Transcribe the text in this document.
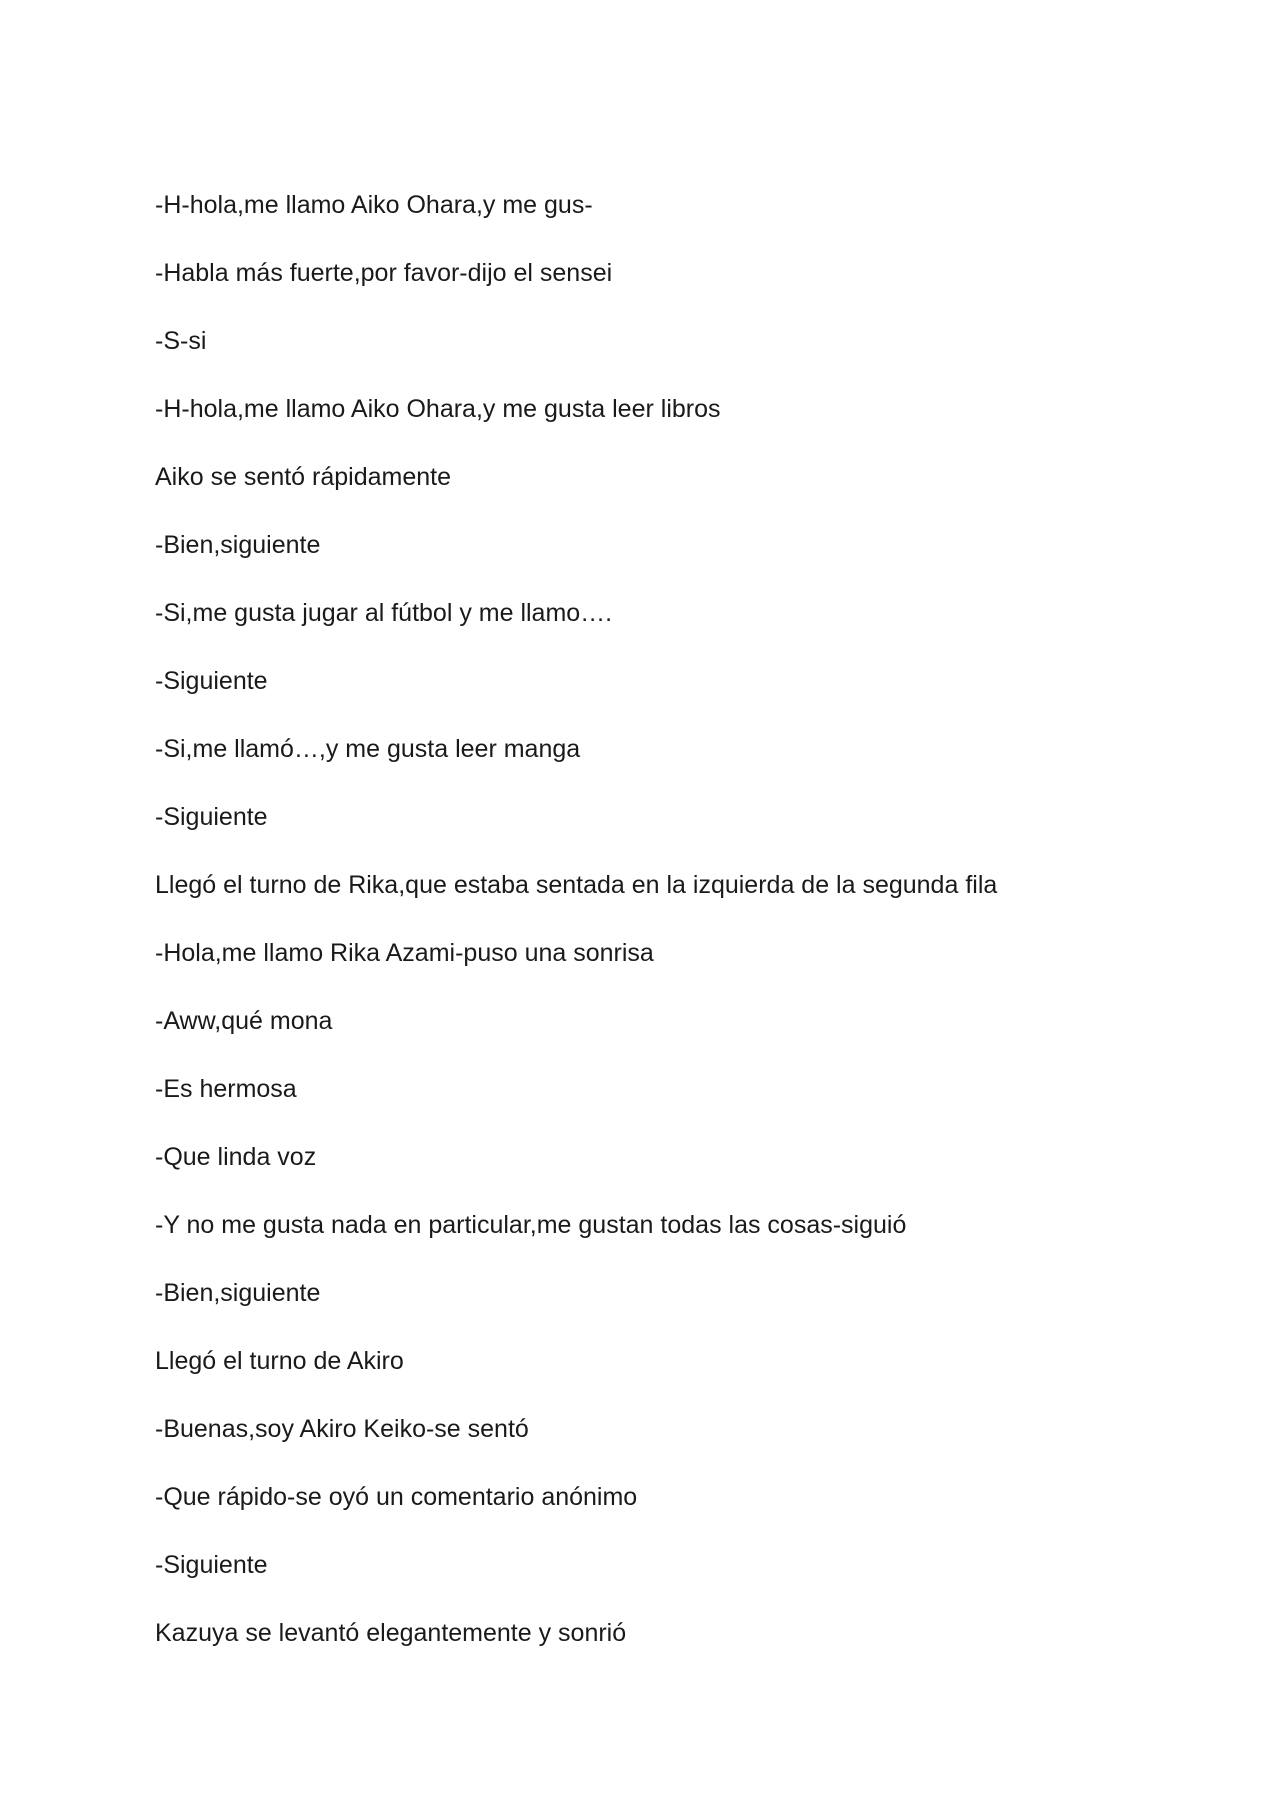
-H-hola,me llamo Aiko Ohara,y me gus-
-Habla más fuerte,por favor-dijo el sensei
-S-si
-H-hola,me llamo Aiko Ohara,y me gusta leer libros
Aiko se sentó rápidamente
-Bien,siguiente
-Si,me gusta jugar al fútbol y me llamo….
-Siguiente
-Si,me llamó…,y me gusta leer manga
-Siguiente
Llegó el turno de Rika,que estaba sentada en la izquierda de la segunda fila
-Hola,me llamo Rika Azami-puso una sonrisa
-Aww,qué mona
-Es hermosa
-Que linda voz
-Y no me gusta nada en particular,me gustan todas las cosas-siguió
-Bien,siguiente
Llegó el turno de Akiro
-Buenas,soy Akiro Keiko-se sentó
-Que rápido-se oyó un comentario anónimo
-Siguiente
Kazuya se levantó elegantemente y sonrió
